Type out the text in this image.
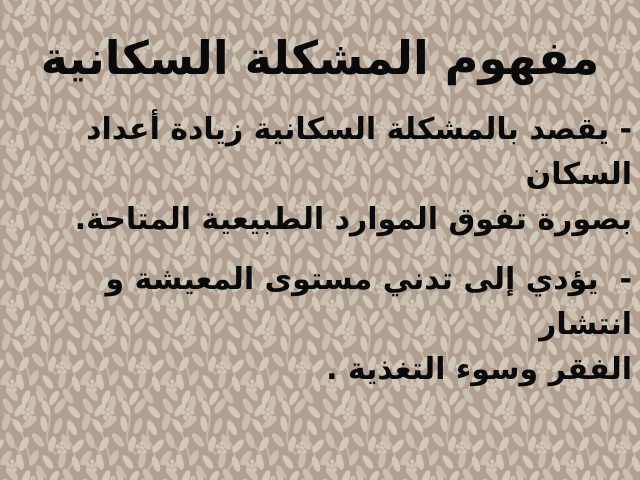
مفهوم المشكلة السكانية

- يقصد بالمشكلة السكانية زيادة أعداد السكان
بصورة تفوق الموارد الطبيعية المتاحة.

-  يؤدي إلى تدني مستوى المعيشة و انتشار
الفقر وسوء التغذية .
